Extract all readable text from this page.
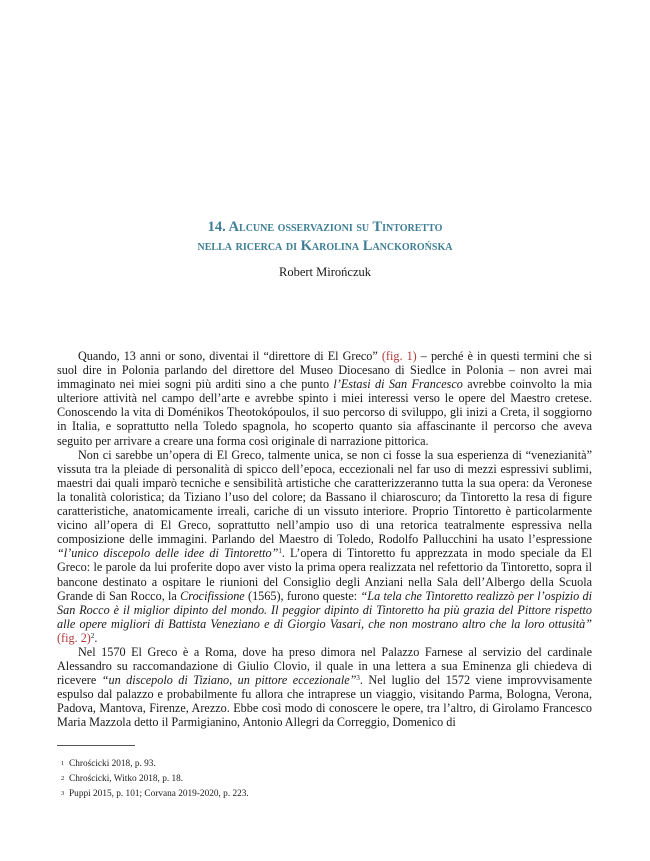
14. Alcune osservazioni su Tintoretto
nella ricerca di Karolina Lanckorońska
Robert Mirończuk

Quando, 13 anni or sono, diventai il “direttore di El Greco” (fig. 1) – perché è in questi termini che si suol dire in Polonia parlando del direttore del Museo Diocesano di Siedlce in Polonia – non avrei mai immaginato nei miei sogni più arditi sino a che punto l’Estasi di San Francesco avrebbe coinvolto la mia ulteriore attività nel campo dell’arte e avrebbe spinto i miei interessi verso le opere del Maestro cretese. Conoscendo la vita di Doménikos Theotokópoulos, il suo percorso di sviluppo, gli inizi a Creta, il soggiorno in Italia, e soprattutto nella Toledo spagnola, ho scoperto quanto sia affascinante il percorso che aveva seguito per arrivare a creare una forma così originale di narrazione pittorica.

Non ci sarebbe un’opera di El Greco, talmente unica, se non ci fosse la sua esperienza di “venezianità” vissuta tra la pleiade di personalità di spicco dell’epoca, eccezionali nel far uso di mezzi espressivi sublimi, maestri dai quali imparò tecniche e sensibilità artistiche che caratterizzeranno tutta la sua opera: da Veronese la tonalità coloristica; da Tiziano l’uso del colore; da Bassano il chiaroscuro; da Tintoretto la resa di figure caratteristiche, anatomicamente irreali, cariche di un vissuto interiore. Proprio Tintoretto è particolarmente vicino all’opera di El Greco, soprattutto nell’ampio uso di una retorica teatralmente espressiva nella composizione delle immagini. Parlando del Maestro di Toledo, Rodolfo Pallucchini ha usato l’espressione “l’unico discepolo delle idee di Tintoretto”$^1$. L’opera di Tintoretto fu apprezzata in modo speciale da El Greco: le parole da lui proferite dopo aver visto la prima opera realizzata nel refettorio da Tintoretto, sopra il bancone destinato a ospitare le riunioni del Consiglio degli Anziani nella Sala dell’Albergo della Scuola Grande di San Rocco, la Crocifissione (1565), furono queste: “La tela che Tintoretto realizzò per l’ospizio di San Rocco è il miglior dipinto del mondo. Il peggior dipinto di Tintoretto ha più grazia del Pittore rispetto alle opere migliori di Battista Veneziano e di Giorgio Vasari, che non mostrano altro che la loro ottusità” (fig. 2)$^2$.

Nel 1570 El Greco è a Roma, dove ha preso dimora nel Palazzo Farnese al servizio del cardinale Alessandro su raccomandazione di Giulio Clovio, il quale in una lettera a sua Eminenza gli chiedeva di ricevere “un discepolo di Tiziano, un pittore eccezionale”$^3$. Nel luglio del 1572 viene improvvisamente espulso dal palazzo e probabilmente fu allora che intraprese un viaggio, visitando Parma, Bologna, Verona, Padova, Mantova, Firenze, Arezzo. Ebbe così modo di conoscere le opere, tra l’altro, di Girolamo Francesco Maria Mazzola detto il Parmigianino, Antonio Allegri da Correggio, Domenico di

1 Chrościcki 2018, p. 93.
2 Chrościcki, Witko 2018, p. 18.
3 Puppi 2015, p. 101; Corvana 2019-2020, p. 223.
